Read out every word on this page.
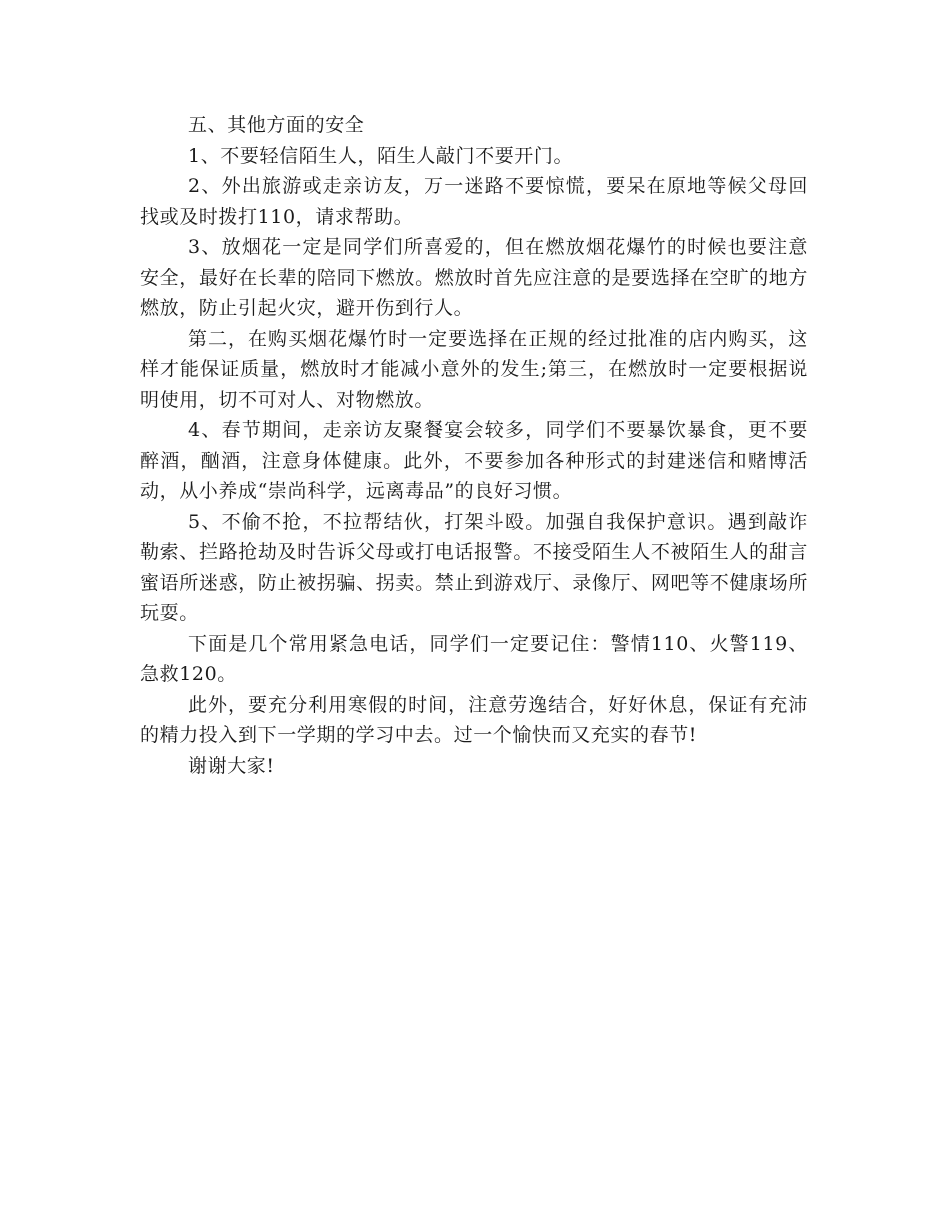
五、其他方面的安全

1、不要轻信陌生人，陌生人敲门不要开门。

2、外出旅游或走亲访友，万一迷路不要惊慌，要呆在原地等候父母回找或及时拨打110，请求帮助。

3、放烟花一定是同学们所喜爱的，但在燃放烟花爆竹的时候也要注意安全，最好在长辈的陪同下燃放。燃放时首先应注意的是要选择在空旷的地方燃放，防止引起火灾，避开伤到行人。

第二，在购买烟花爆竹时一定要选择在正规的经过批准的店内购买，这样才能保证质量，燃放时才能减小意外的发生;第三，在燃放时一定要根据说明使用，切不可对人、对物燃放。

4、春节期间，走亲访友聚餐宴会较多，同学们不要暴饮暴食，更不要醉酒，酗酒，注意身体健康。此外，不要参加各种形式的封建迷信和赌博活动，从小养成“崇尚科学，远离毒品”的良好习惯。

5、不偷不抢，不拉帮结伙，打架斗殴。加强自我保护意识。遇到敲诈勒索、拦路抢劫及时告诉父母或打电话报警。不接受陌生人不被陌生人的甜言蜜语所迷惑，防止被拐骗、拐卖。禁止到游戏厅、录像厅、网吧等不健康场所玩耍。

下面是几个常用紧急电话，同学们一定要记住：警情110、火警119、急救120。

此外，要充分利用寒假的时间，注意劳逸结合，好好休息，保证有充沛的精力投入到下一学期的学习中去。过一个愉快而又充实的春节!

谢谢大家!
